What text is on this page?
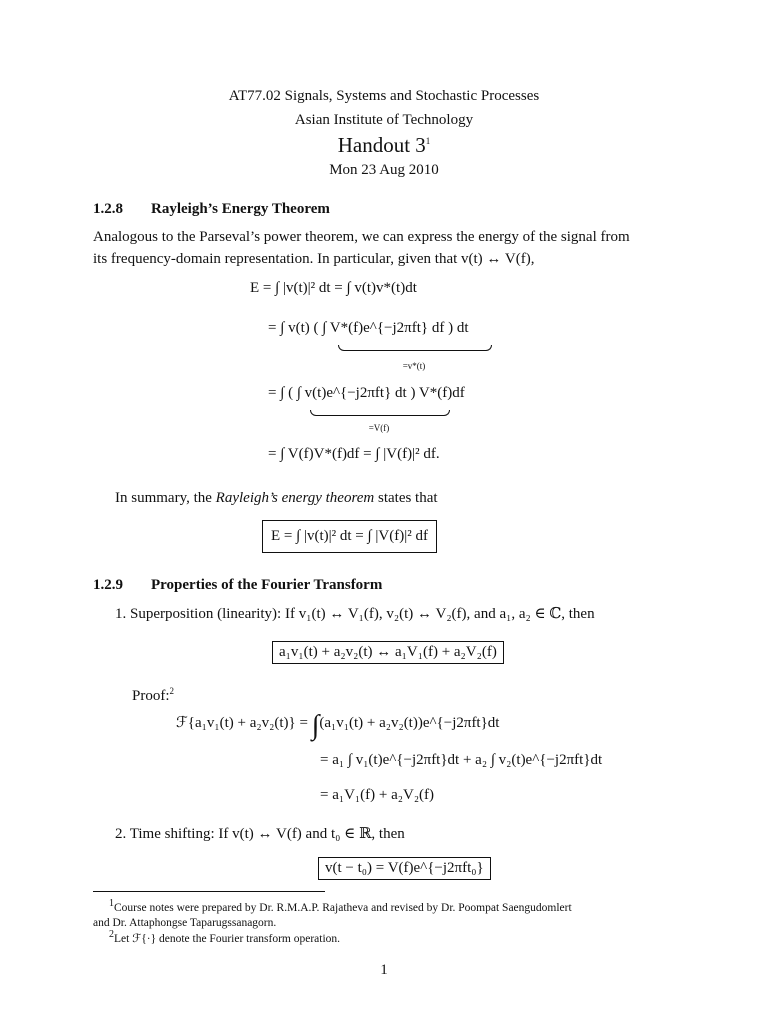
AT77.02 Signals, Systems and Stochastic Processes
Asian Institute of Technology
Handout $3^1$
Mon 23 Aug 2010
1.2.8 Rayleigh’s Energy Theorem
Analogous to the Parseval’s power theorem, we can express the energy of the signal from
its frequency-domain representation. In particular, given that v(t) ↔ V(f),
E = ∫ |v(t)|² dt = ∫ v(t)v*(t)dt
= ∫ v(t) ( ∫ V*(f)e^{−j2πft} df ) dt
=v*(t)
= ∫ ( ∫ v(t)e^{−j2πft} dt ) V*(f)df
=V(f)
= ∫ V(f)V*(f)df = ∫ |V(f)|² df.
In summary, the Rayleigh’s energy theorem states that
E = ∫ |v(t)|² dt = ∫ |V(f)|² df
1.2.9 Properties of the Fourier Transform
1. Superposition (linearity): If v₁(t) ↔ V₁(f), v₂(t) ↔ V₂(f), and a₁, a₂ ∈ ℂ, then
a₁v₁(t) + a₂v₂(t) ↔ a₁V₁(f) + a₂V₂(f)
Proof:$^2$
ℱ{a₁v₁(t) + a₂v₂(t)} = ∫(a₁v₁(t) + a₂v₂(t))e^{−j2πft}dt
= a₁ ∫ v₁(t)e^{−j2πft}dt + a₂ ∫ v₂(t)e^{−j2πft}dt
= a₁V₁(f) + a₂V₂(f)
2. Time shifting: If v(t) ↔ V(f) and t₀ ∈ ℝ, then
v(t − t₀) = V(f)e^{−j2πft₀}
$^1$Course notes were prepared by Dr. R.M.A.P. Rajatheva and revised by Dr. Poompat Saengudomlert
and Dr. Attaphongse Taparugssanagorn.
$^2$Let ℱ{·} denote the Fourier transform operation.
1
